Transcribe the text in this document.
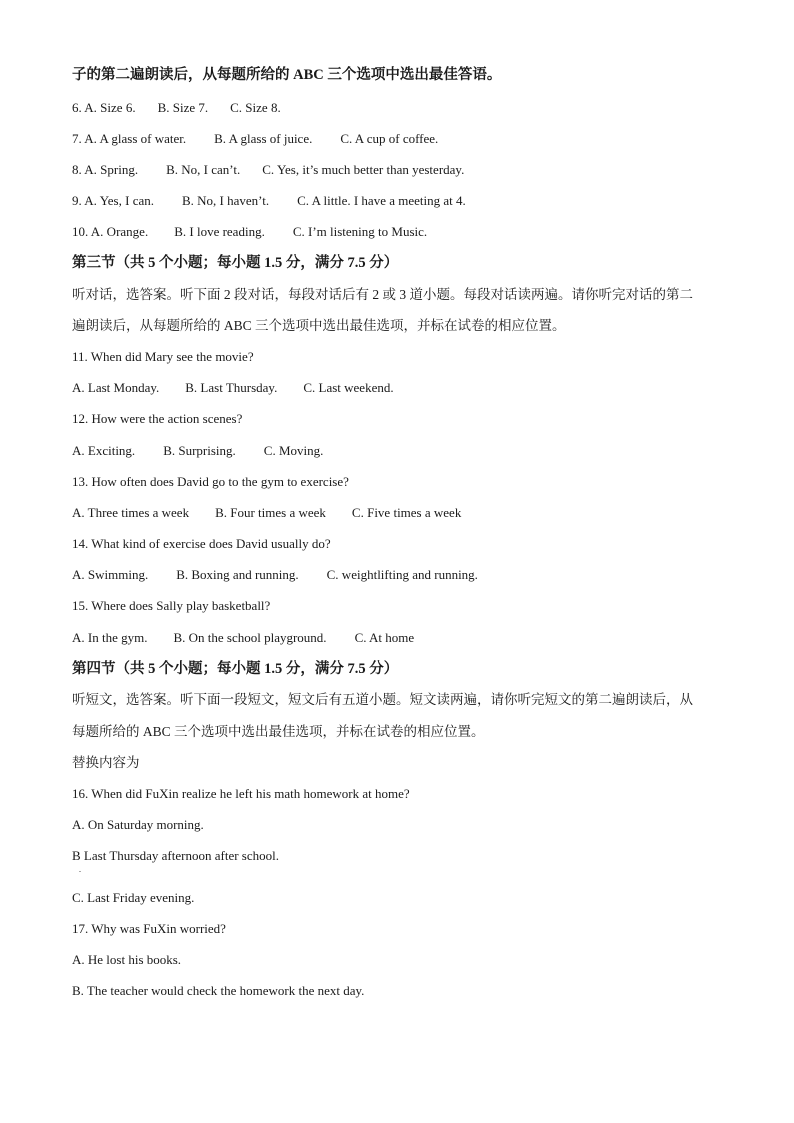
子的第二遍朗读后，从每题所给的 ABC 三个选项中选出最佳答语。
6. A. Size 6. B. Size 7. C. Size 8.
7. A. A glass of water. B. A glass of juice. C. A cup of coffee.
8. A. Spring. B. No, I can’t. C. Yes, it’s much better than yesterday.
9. A. Yes, I can. B. No, I haven’t. C. A little. I have a meeting at 4.
10. A. Orange. B. I love reading. C. I’m listening to Music.
第三节（共 5 个小题；每小题 1.5 分，满分 7.5 分）
听对话，选答案。听下面 2 段对话，每段对话后有 2 或 3 道小题。每段对话读两遍。请你听完对话的第二
遍朗读后，从每题所给的 ABC 三个选项中选出最佳选项，并标在试卷的相应位置。
11. When did Mary see the movie?
A. Last Monday. B. Last Thursday. C. Last weekend.
12. How were the action scenes?
A. Exciting. B. Surprising. C. Moving.
13. How often does David go to the gym to exercise?
A. Three times a week B. Four times a week C. Five times a week
14. What kind of exercise does David usually do?
A. Swimming. B. Boxing and running. C. weightlifting and running.
15. Where does Sally play basketball?
A. In the gym. B. On the school playground. C. At home
第四节（共 5 个小题；每小题 1.5 分，满分 7.5 分）
听短文，选答案。听下面一段短文，短文后有五道小题。短文读两遍，请你听完短文的第二遍朗读后，从
每题所给的 ABC 三个选项中选出最佳选项，并标在试卷的相应位置。
替换内容为
16. When did FuXin realize he left his math homework at home?
A. On Saturday morning.
B Last Thursday afternoon after school.
.
C. Last Friday evening.
17. Why was FuXin worried?
A. He lost his books.
B. The teacher would check the homework the next day.
